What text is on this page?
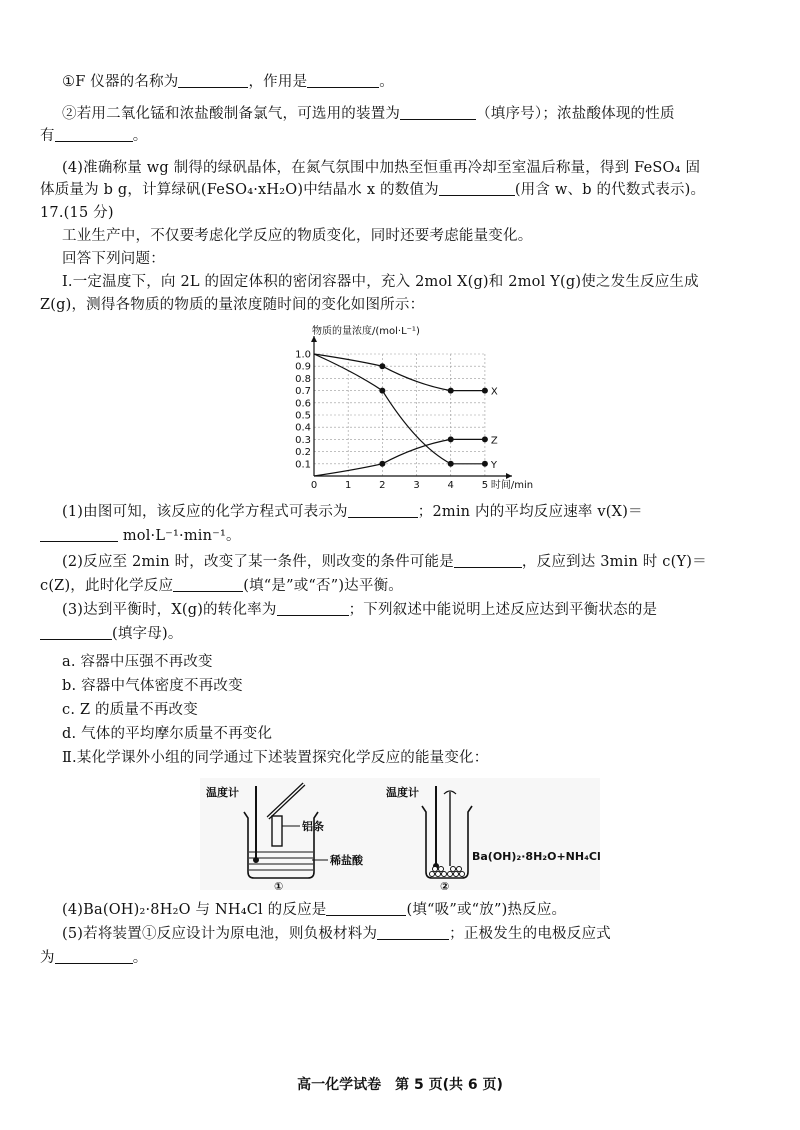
①F 仪器的名称为	，作用是	。
②若用二氧化锰和浓盐酸制备氯气，可选用的装置为	（填序号）；浓盐酸体现的性质
有	。
(4)准确称量 wg 制得的绿矾晶体，在氮气氛围中加热至恒重再冷却至室温后称量，得到 FeSO₄ 固
体质量为 b g，计算绿矾(FeSO₄·xH₂O)中结晶水 x 的数值为	(用含 w、b 的代数式表示)。
17.(15 分)
工业生产中，不仅要考虑化学反应的物质变化，同时还要考虑能量变化。
回答下列问题：
Ⅰ.一定温度下，向 2L 的固定体积的密闭容器中，充入 2mol X(g)和 2mol Y(g)使之发生反应生成
Z(g)，测得各物质的物质的量浓度随时间的变化如图所示：
0.1
0.2
0.3
0.4
0.5
0.6
0.7
0.8
0.9
1.0
0	1	2	3	4	5
物质的量浓度/(mol·L⁻¹)
时间/min
X
Y
Z
(1)由图可知，该反应的化学方程式可表示为	；2min 内的平均反应速率 v(X)＝
mol·L⁻¹·min⁻¹。
(2)反应至 2min 时，改变了某一条件，则改变的条件可能是	，反应到达 3min 时 c(Y)＝
c(Z)，此时化学反应	(填“是”或“否”)达平衡。
(3)达到平衡时，X(g)的转化率为	；下列叙述中能说明上述反应达到平衡状态的是
(填字母)。
a. 容器中压强不再改变
b. 容器中气体密度不再改变
c. Z 的质量不再改变
d. 气体的平均摩尔质量不再变化
Ⅱ.某化学课外小组的同学通过下述装置探究化学反应的能量变化：
温度计
铝条
稀盐酸
①
温度计
Ba(OH)₂·8H₂O+NH₄Cl
②
(4)Ba(OH)₂·8H₂O 与 NH₄Cl 的反应是	(填“吸”或“放”)热反应。
(5)若将装置①反应设计为原电池，则负极材料为	；正极发生的电极反应式
为	。
高一化学试卷　第 5 页(共 6 页)
